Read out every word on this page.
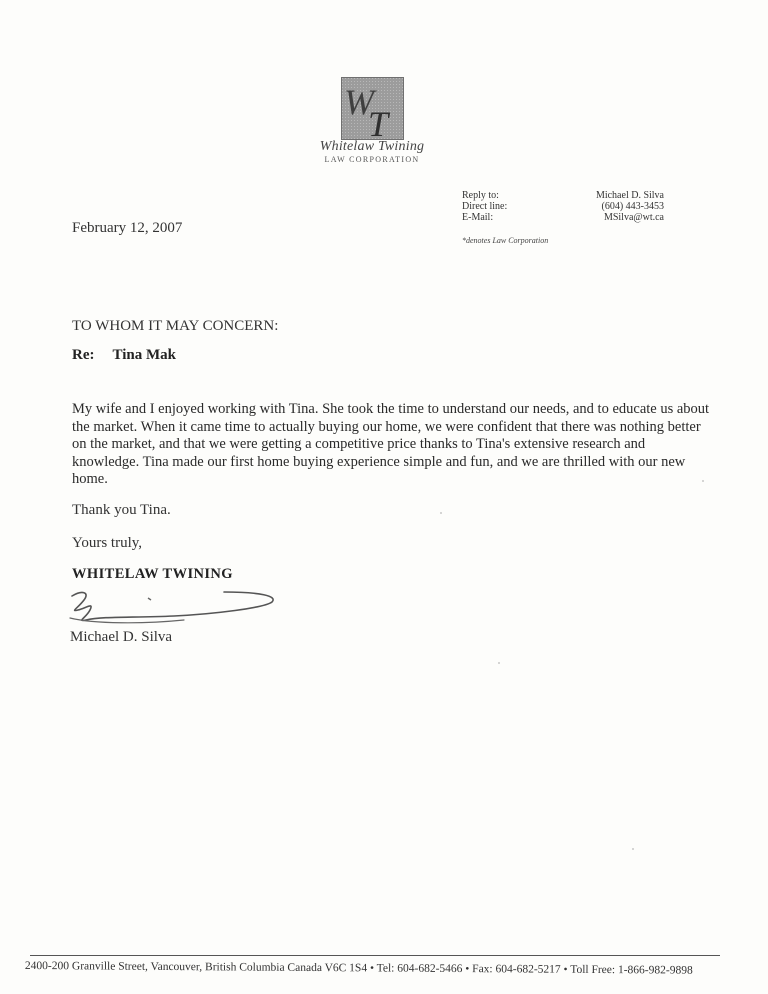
W
T
Whitelaw Twining
LAW CORPORATION
Reply to:
Direct line:
E-Mail:
Michael D. Silva
(604) 443-3453
MSilva@wt.ca
*denotes Law Corporation
February 12, 2007
TO WHOM IT MAY CONCERN:
Re: Tina Mak
My wife and I enjoyed working with Tina. She took the time to understand our needs, and to educate us about the market. When it came time to actually buying our home, we were confident that there was nothing better on the market, and that we were getting a competitive price thanks to Tina's extensive research and knowledge. Tina made our first home buying experience simple and fun, and we are thrilled with our new home.
Thank you Tina.
Yours truly,
WHITELAW TWINING
Michael D. Silva
2400-200 Granville Street, Vancouver, British Columbia Canada V6C 1S4 • Tel: 604-682-5466 • Fax: 604-682-5217 • Toll Free: 1-866-982-9898
